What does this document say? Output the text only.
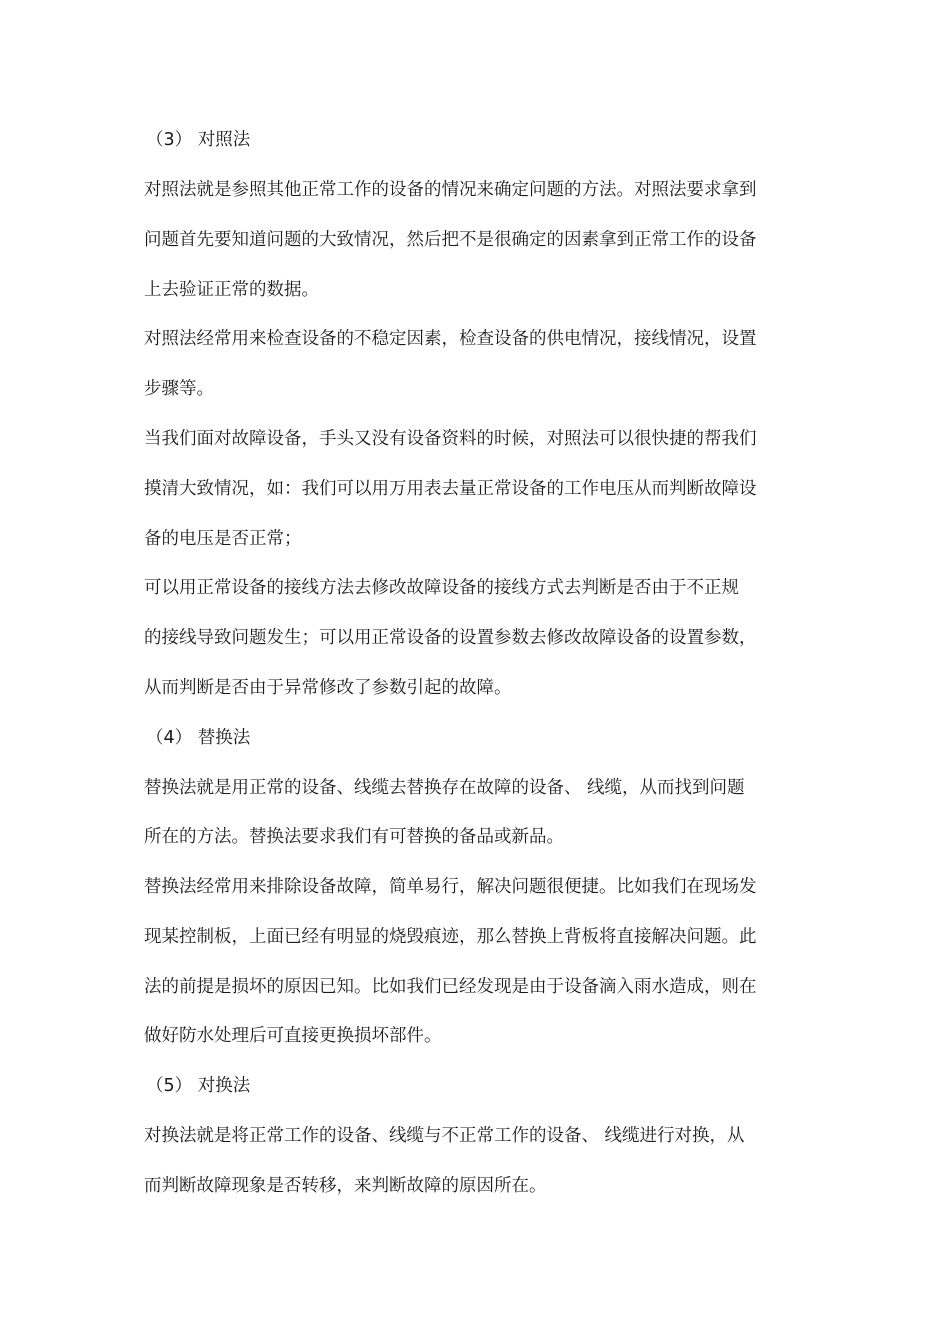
（3） 对照法
对照法就是参照其他正常工作的设备的情况来确定问题的方法。对照法要求拿到
问题首先要知道问题的大致情况，然后把不是很确定的因素拿到正常工作的设备
上去验证正常的数据。
对照法经常用来检查设备的不稳定因素，检查设备的供电情况，接线情况，设置
步骤等。
当我们面对故障设备，手头又没有设备资料的时候，对照法可以很快捷的帮我们
摸清大致情况，如：我们可以用万用表去量正常设备的工作电压从而判断故障设
备的电压是否正常；
可以用正常设备的接线方法去修改故障设备的接线方式去判断是否由于不正规
的接线导致问题发生；可以用正常设备的设置参数去修改故障设备的设置参数，
从而判断是否由于异常修改了参数引起的故障。
（4） 替换法
替换法就是用正常的设备、线缆去替换存在故障的设备、 线缆，从而找到问题
所在的方法。替换法要求我们有可替换的备品或新品。
替换法经常用来排除设备故障，简单易行，解决问题很便捷。比如我们在现场发
现某控制板，上面已经有明显的烧毁痕迹，那么替换上背板将直接解决问题。此
法的前提是损坏的原因已知。比如我们已经发现是由于设备滴入雨水造成，则在
做好防水处理后可直接更换损坏部件。
（5） 对换法
对换法就是将正常工作的设备、线缆与不正常工作的设备、 线缆进行对换，从
而判断故障现象是否转移，来判断故障的原因所在。
